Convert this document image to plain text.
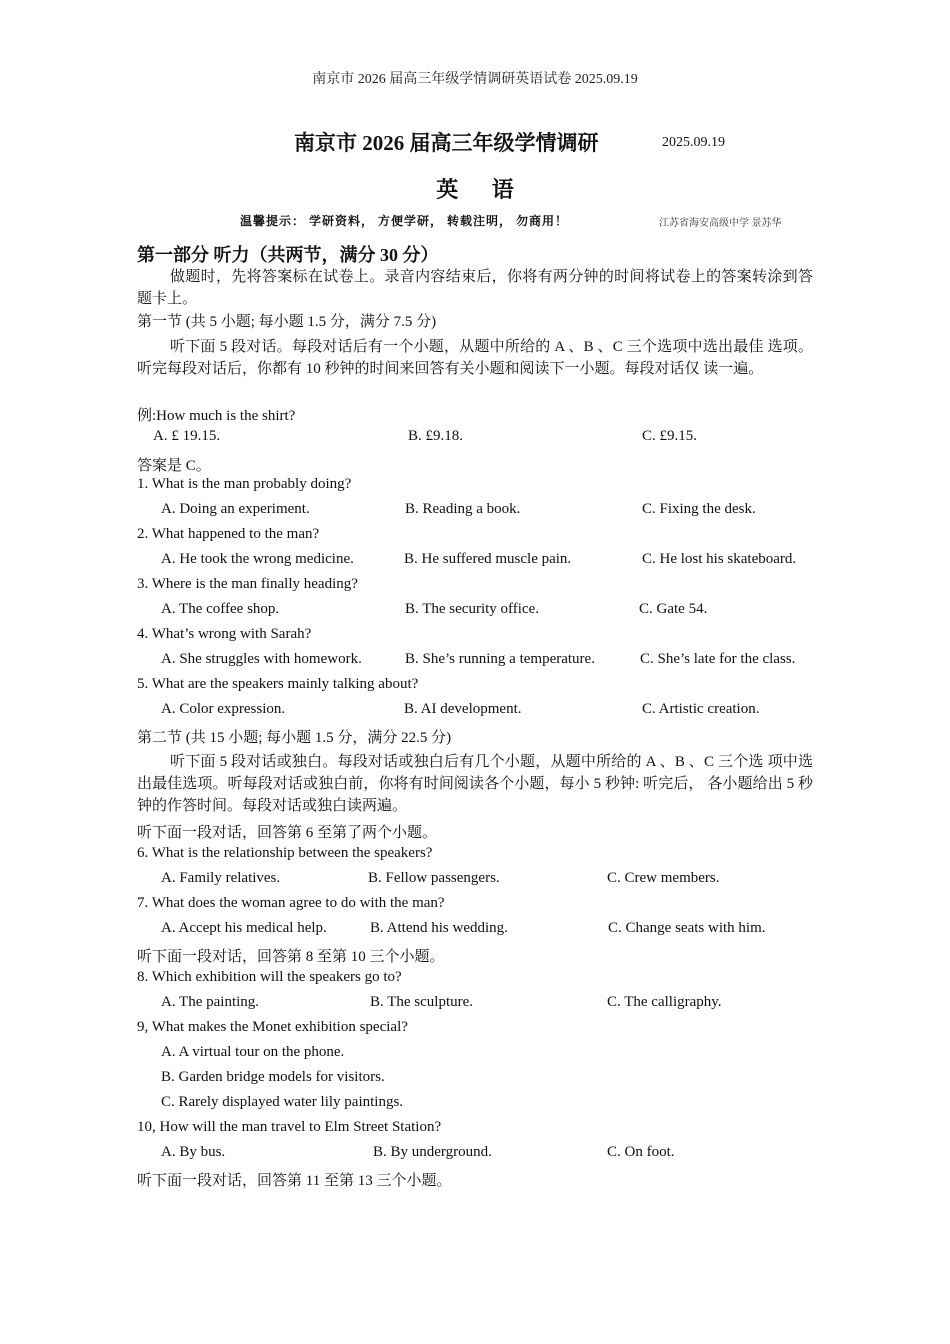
南京市 2026 届高三年级学情调研英语试卷 2025.09.19
南京市 2026 届高三年级学情调研	2025.09.19
英 语
温馨提示： 学研资料， 方便学研， 转载注明， 勿商用！	江苏省海安高级中学 景苏华
第一部分 听力（共两节，满分 30 分）
做题时，先将答案标在试卷上。录音内容结束后，你将有两分钟的时间将试卷上的答案转涂到答题卡上。
第一节 (共 5 小题; 每小题 1.5 分，满分 7.5 分)
听下面 5 段对话。每段对话后有一个小题，从题中所给的 A 、B 、C 三个选项中选出最佳 选项。听完每段对话后，你都有 10 秒钟的时间来回答有关小题和阅读下一小题。每段对话仅 读一遍。
例:How much is the shirt?
A. £ 19.15.	B. £9.18.	C. £9.15.
答案是 C。
1. What is the man probably doing?
A. Doing an experiment.	B. Reading a book.	C. Fixing the desk.
2. What happened to the man?
A. He took the wrong medicine.	B. He suffered muscle pain.	C. He lost his skateboard.
3. Where is the man finally heading?
A. The coffee shop.	B. The security office.	C. Gate 54.
4. What’s wrong with Sarah?
A. She struggles with homework.	B. She’s running a temperature.	C. She’s late for the class.
5. What are the speakers mainly talking about?
A. Color expression.	B. AI development.	C. Artistic creation.
第二节 (共 15 小题; 每小题 1.5 分，满分 22.5 分)
听下面 5 段对话或独白。每段对话或独白后有几个小题，从题中所给的 A 、B 、C 三个选 项中选出最佳选项。听每段对话或独白前，你将有时间阅读各个小题，每小 5 秒钟: 听完后， 各小题给出 5 秒钟的作答时间。每段对话或独白读两遍。
听下面一段对话，回答第 6 至第了两个小题。
6. What is the relationship between the speakers?
A. Family relatives.	B. Fellow passengers.	C. Crew members.
7. What does the woman agree to do with the man?
A. Accept his medical help.	B. Attend his wedding.	C. Change seats with him.
听下面一段对话，回答第 8 至第 10 三个小题。
8. Which exhibition will the speakers go to?
A. The painting.	B. The sculpture.	C. The calligraphy.
9, What makes the Monet exhibition special?
A. A virtual tour on the phone.
B. Garden bridge models for visitors.
C. Rarely displayed water lily paintings.
10, How will the man travel to Elm Street Station?
A. By bus.	B. By underground.	C. On foot.
听下面一段对话，回答第 11 至第 13 三个小题。
